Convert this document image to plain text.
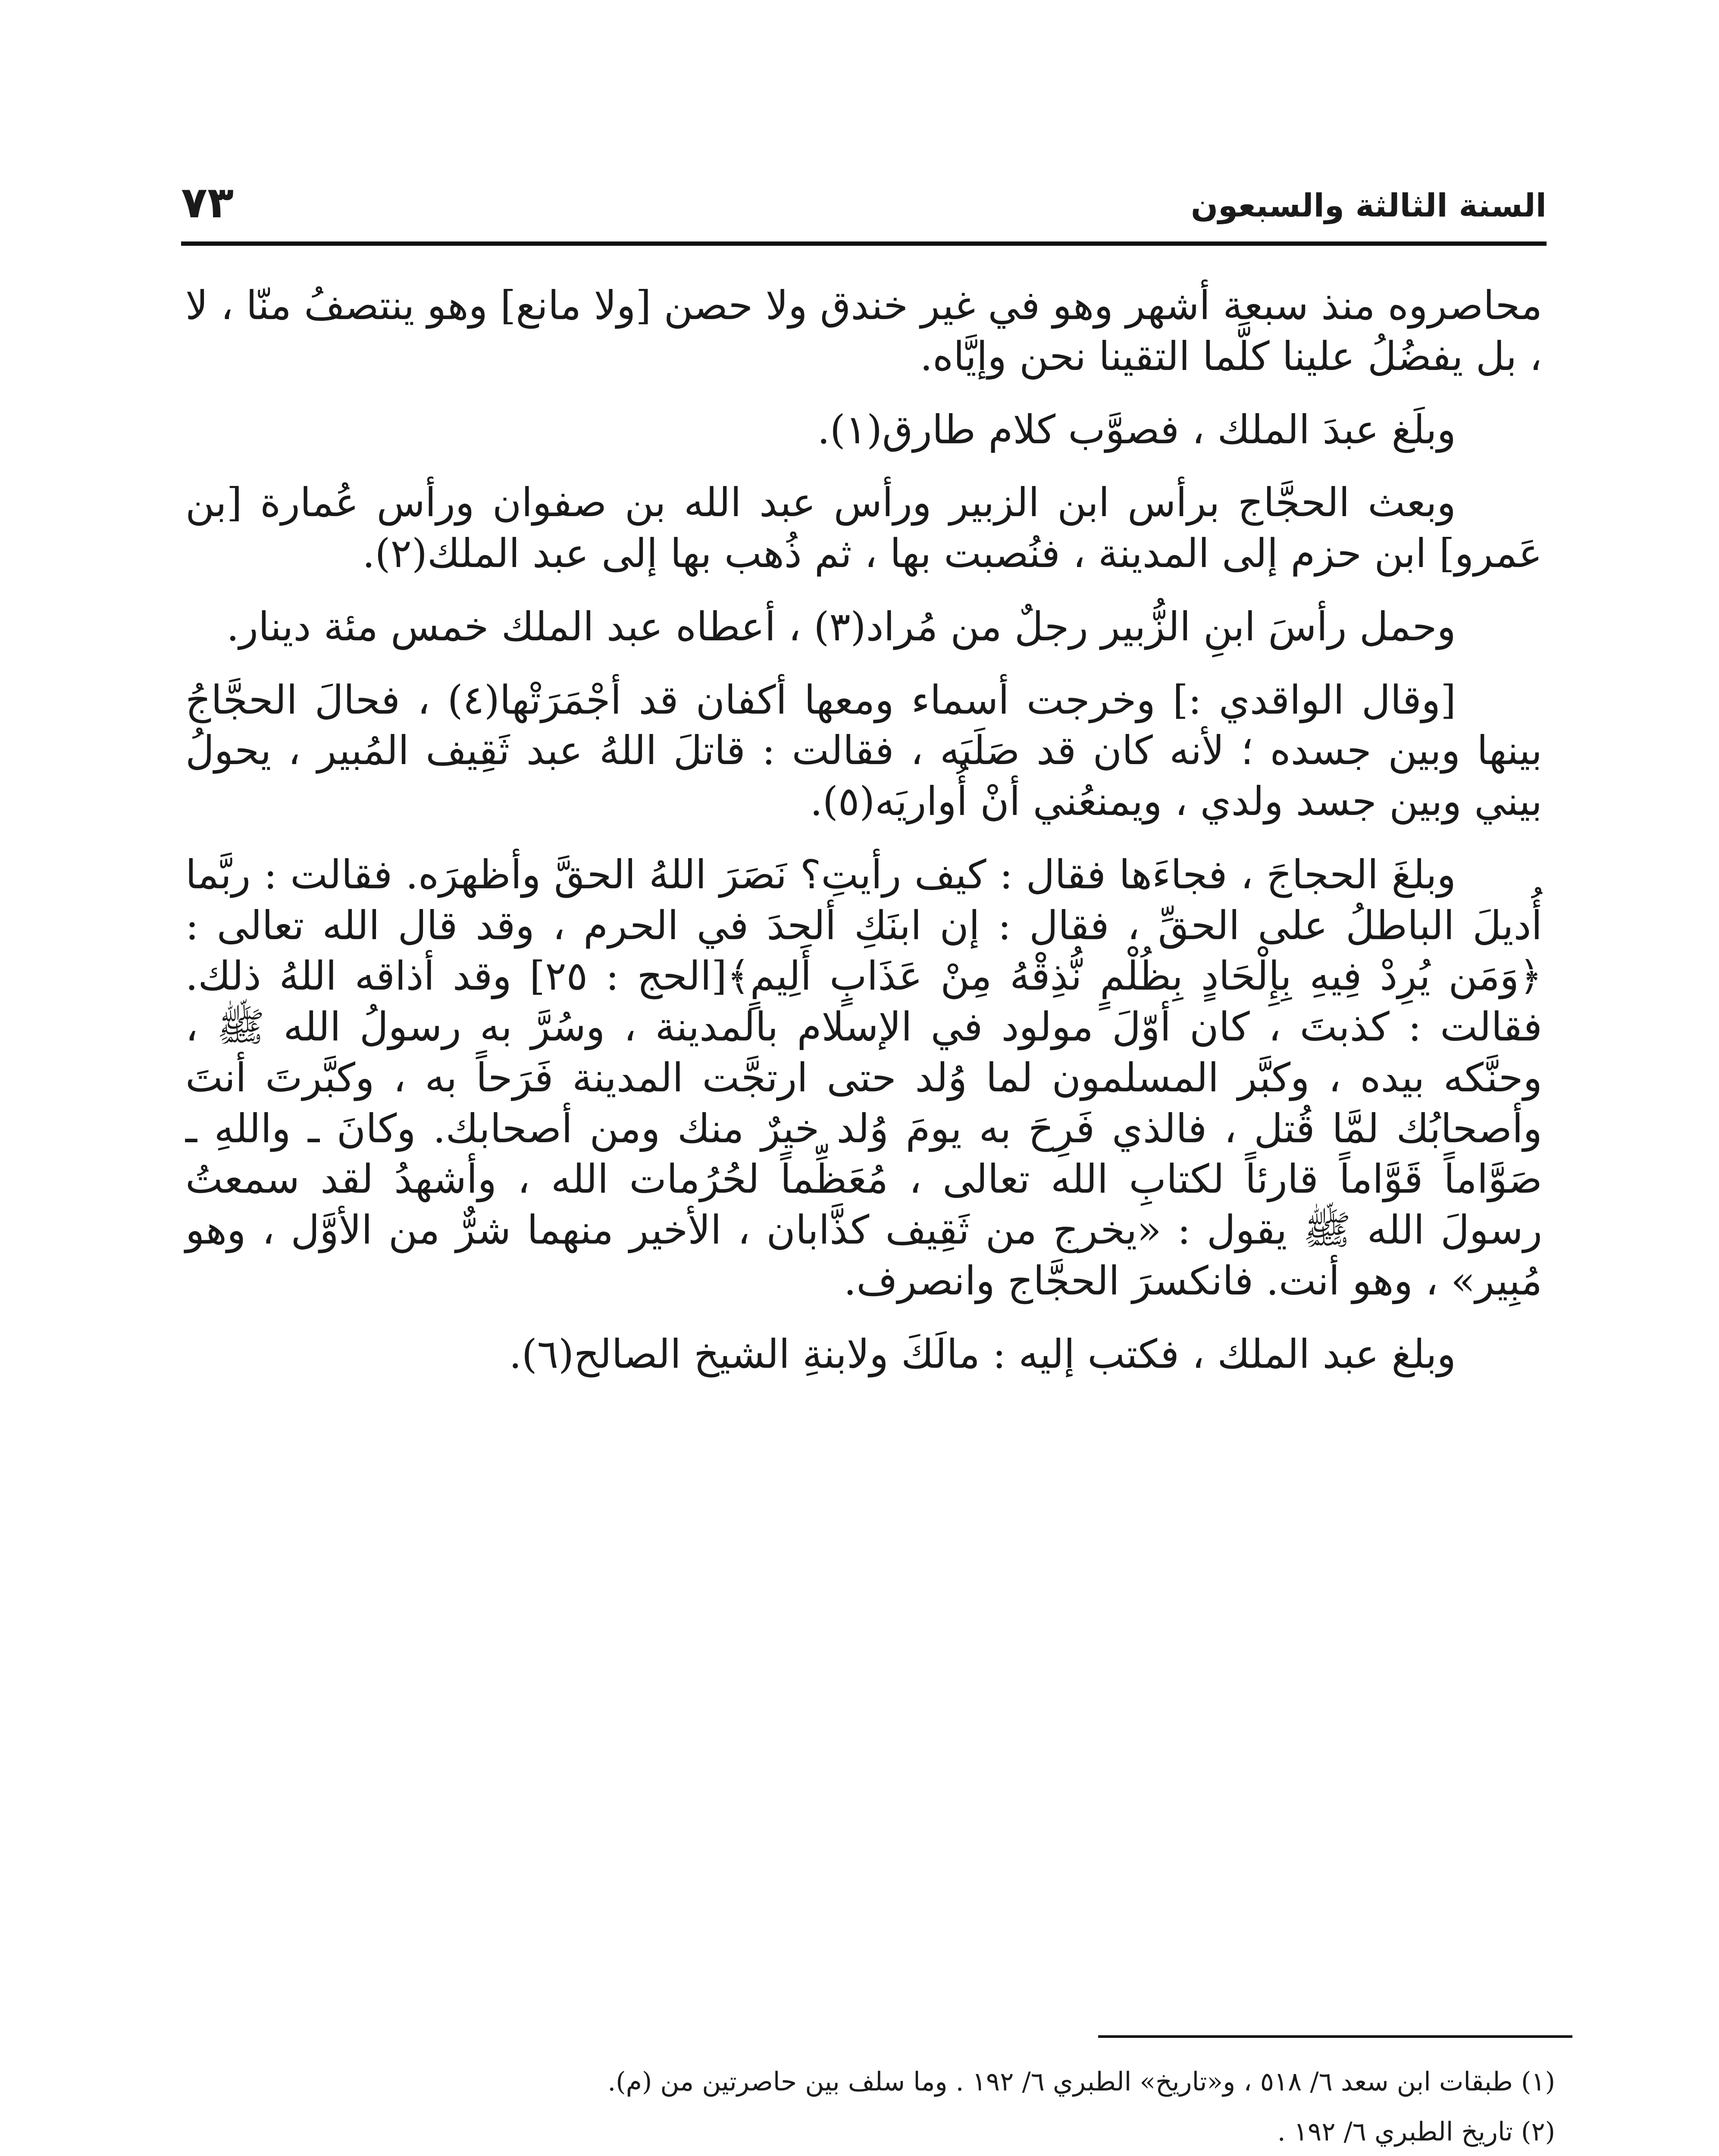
السنة الثالثة والسبعون
٧٣

محاصروه منذ سبعة أشهر وهو في غير خندق ولا حصن [ولا مانع] وهو ينتصفُ منّا ، لا ، بل يفضُلُ علينا كلَّما التقينا نحن وإيَّاه.

وبلَغ عبدَ الملك ، فصوَّب كلام طارق(١).

وبعث الحجَّاج برأس ابن الزبير ورأس عبد الله بن صفوان ورأس عُمارة [بن عَمرو] ابن حزم إلى المدينة ، فنُصبت بها ، ثم ذُهب بها إلى عبد الملك(٢).

وحمل رأسَ ابنِ الزُّبير رجلٌ من مُراد(٣) ، أعطاه عبد الملك خمس مئة دينار.

[وقال الواقدي :] وخرجت أسماء ومعها أكفان قد أجْمَرَتْها(٤) ، فحالَ الحجَّاجُ بينها وبين جسده ؛ لأنه كان قد صَلَبَه ، فقالت : قاتلَ اللهُ عبد ثَقِيف المُبير ، يحولُ بيني وبين جسد ولدي ، ويمنعُني أنْ أُواريَه(٥).

وبلغَ الحجاجَ ، فجاءَها فقال : كيف رأيتِ؟ نَصَرَ اللهُ الحقَّ وأظهرَه. فقالت : ربَّما أُديلَ الباطلُ على الحقِّ ، فقال : إن ابنَكِ ألحدَ في الحرم ، وقد قال الله تعالى : ﴿وَمَن يُرِدْ فِيهِ بِإِلْحَادٍ بِظُلْمٍ نُّذِقْهُ مِنْ عَذَابٍ أَلِيمٍ﴾[الحج : ٢٥] وقد أذاقه اللهُ ذلك. فقالت : كذبتَ ، كان أوّلَ مولود في الإسلام بالمدينة ، وسُرَّ به رسولُ الله ﷺ ، وحنَّكه بيده ، وكبَّر المسلمون لما وُلد حتى ارتجَّت المدينة فَرَحاً به ، وكبَّرتَ أنتَ وأصحابُك لمَّا قُتل ، فالذي فَرِحَ به يومَ وُلد خيرٌ منك ومن أصحابك. وكانَ ـ واللهِ ـ صَوَّاماً قَوَّاماً قارئاً لكتابِ الله تعالى ، مُعَظِّماً لحُرُمات الله ، وأشهدُ لقد سمعتُ رسولَ الله ﷺ يقول : «يخرج من ثَقِيف كذَّابان ، الأخير منهما شرٌّ من الأوَّل ، وهو مُبِير» ، وهو أنت. فانكسرَ الحجَّاج وانصرف.

وبلغ عبد الملك ، فكتب إليه : مالَكَ ولابنةِ الشيخ الصالح(٦).

(١) طبقات ابن سعد ٦/ ٥١٨ ، و«تاريخ» الطبري ٦/ ١٩٢ . وما سلف بين حاصرتين من (م).
(٢) تاريخ الطبري ٦/ ١٩٢ .
